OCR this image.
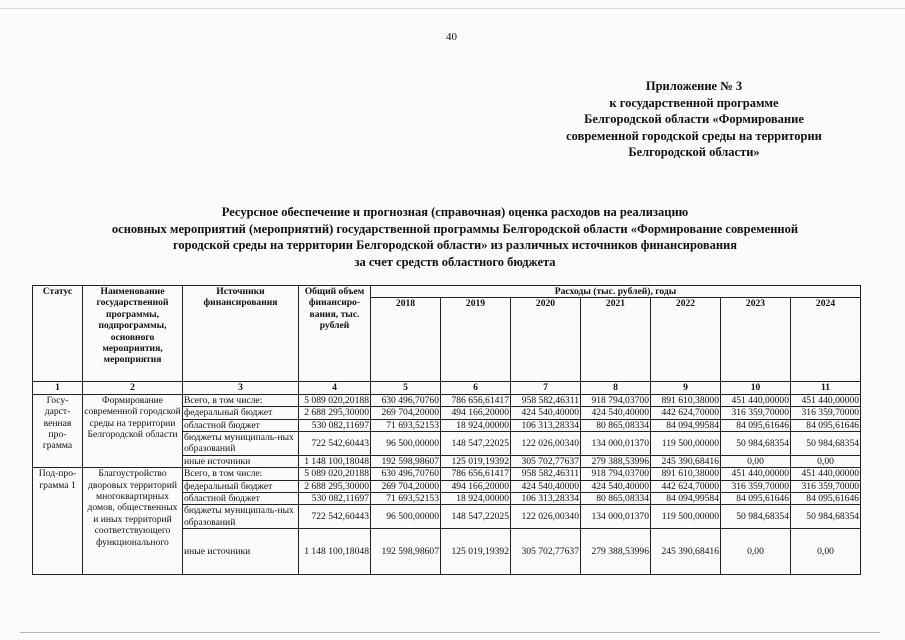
40
Приложение № 3
к государственной программе
Белгородской области «Формирование
современной городской среды на территории
Белгородской области»
Ресурсное обеспечение и прогнозная (справочная) оценка расходов на реализацию
основных мероприятий (мероприятий) государственной программы Белгородской области «Формирование современной
городской среды на территории Белгородской области» из различных источников финансирования
за счет средств областного бюджета
Статус	Наименование государственной программы, подпрограммы, основного мероприятия, мероприятия	Источники финансирования	Общий объем финансиро-вания, тыс. рублей	Расходы (тыс. рублей), годы						
				2018	2019	2020	2021	2022	2023	2024
1	2	3	4	5	6	7	8	9	10	11
Госу-дарст-венная про-грамма	Формирование современной городской среды на территории Белгородской области	Всего, в том числе:	5 089 020,20188	630 496,70760	786 656,61417	958 582,46311	918 794,03700	891 610,38000	451 440,00000	451 440,00000
		федеральный бюджет	2 688 295,30000	269 704,20000	494 166,20000	424 540,40000	424 540,40000	442 624,70000	316 359,70000	316 359,70000
		областной бюджет	530 082,11697	71 693,52153	18 924,00000	106 313,28334	80 865,08334	84 094,99584	84 095,61646	84 095,61646
		бюджеты муниципаль-ных образований	722 542,60443	96 500,00000	148 547,22025	122 026,00340	134 000,01370	119 500,00000	50 984,68354	50 984,68354
		иные источники	1 148 100,18048	192 598,98607	125 019,19392	305 702,77637	279 388,53996	245 390,68416	0,00	0,00
Под-про-грамма 1	Благоустройство дворовых территорий многоквартирных домов, общественных и иных территорий соответствующего функционального	Всего, в том числе:	5 089 020,20188	630 496,70760	786 656,61417	958 582,46311	918 794,03700	891 610,38000	451 440,00000	451 440,00000
		федеральный бюджет	2 688 295,30000	269 704,20000	494 166,20000	424 540,40000	424 540,40000	442 624,70000	316 359,70000	316 359,70000
		областной бюджет	530 082,11697	71 693,52153	18 924,00000	106 313,28334	80 865,08334	84 094,99584	84 095,61646	84 095,61646
		бюджеты муниципаль-ных образований	722 542,60443	96 500,00000	148 547,22025	122 026,00340	134 000,01370	119 500,00000	50 984,68354	50 984,68354
		иные источники	1 148 100,18048	192 598,98607	125 019,19392	305 702,77637	279 388,53996	245 390,68416	0,00	0,00
